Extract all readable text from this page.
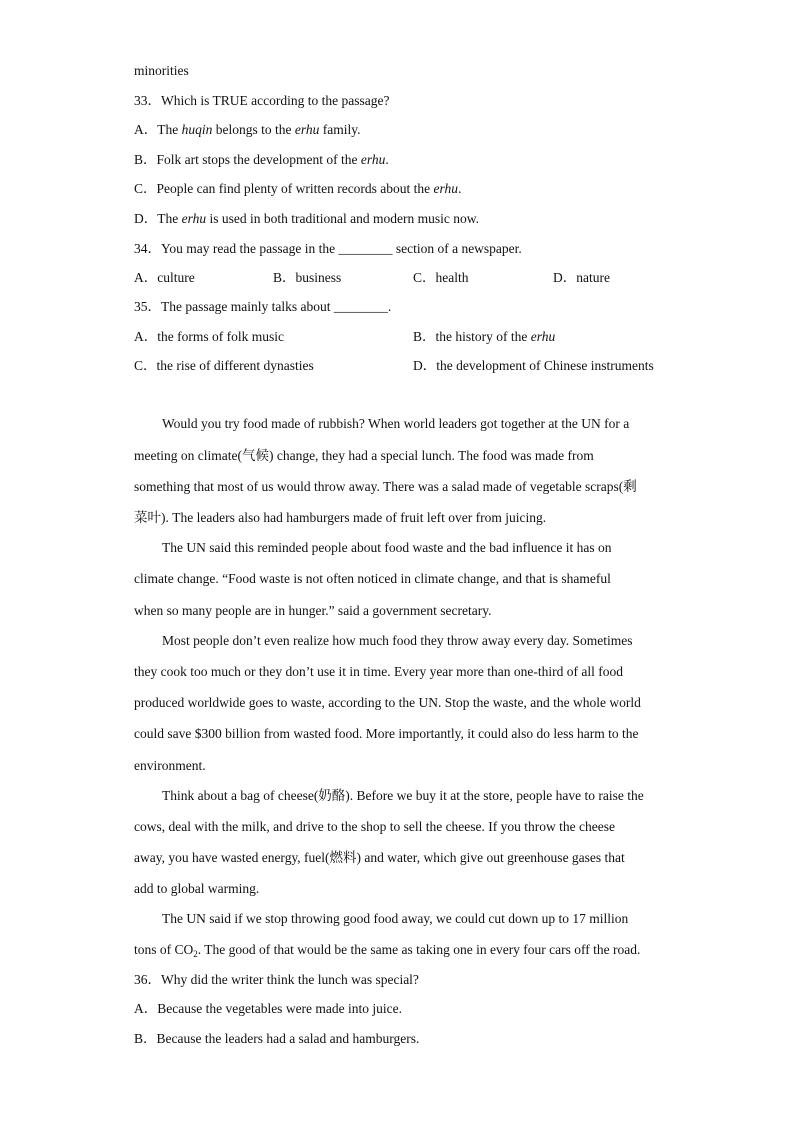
minorities
33．Which is TRUE according to the passage?
A．The huqin belongs to the erhu family.
B．Folk art stops the development of the erhu.
C．People can find plenty of written records about the erhu.
D．The erhu is used in both traditional and modern music now.
34．You may read the passage in the ________ section of a newspaper.
A．culture	B．business	C．health	D．nature
35．The passage mainly talks about ________.
A．the forms of folk music	B．the history of the erhu
C．the rise of different dynasties	D．the development of Chinese instruments
Would you try food made of rubbish? When world leaders got together at the UN for a
meeting on climate(气候) change, they had a special lunch. The food was made from
something that most of us would throw away. There was a salad made of vegetable scraps(剩
菜叶). The leaders also had hamburgers made of fruit left over from juicing.
The UN said this reminded people about food waste and the bad influence it has on
climate change. “Food waste is not often noticed in climate change, and that is shameful
when so many people are in hunger.” said a government secretary.
Most people don’t even realize how much food they throw away every day. Sometimes
they cook too much or they don’t use it in time. Every year more than one-third of all food
produced worldwide goes to waste, according to the UN. Stop the waste, and the whole world
could save $300 billion from wasted food. More importantly, it could also do less harm to the
environment.
Think about a bag of cheese(奶酪). Before we buy it at the store, people have to raise the
cows, deal with the milk, and drive to the shop to sell the cheese. If you throw the cheese
away, you have wasted energy, fuel(燃料) and water, which give out greenhouse gases that
add to global warming.
The UN said if we stop throwing good food away, we could cut down up to 17 million
tons of $CO_2$. The good of that would be the same as taking one in every four cars off the road.
36．Why did the writer think the lunch was special?
A．Because the vegetables were made into juice.
B．Because the leaders had a salad and hamburgers.
